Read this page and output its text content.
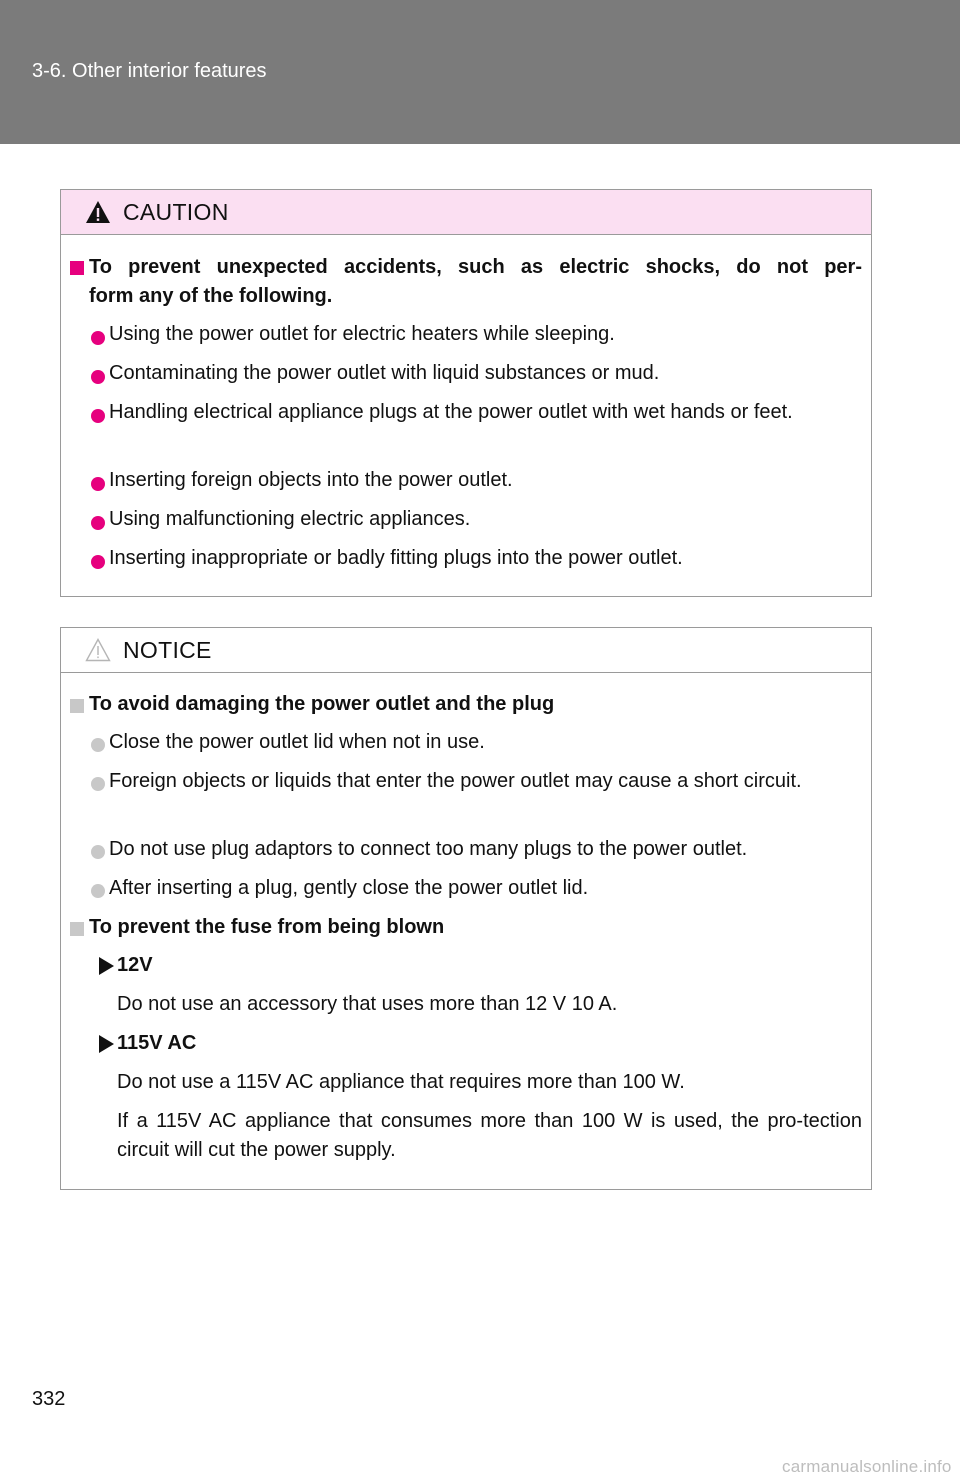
3-6. Other interior features
CAUTION
To prevent unexpected accidents, such as electric shocks, do not per-
form any of the following.
Using the power outlet for electric heaters while sleeping.
Contaminating the power outlet with liquid substances or mud.
Handling electrical appliance plugs at the power outlet with wet hands or feet.
Inserting foreign objects into the power outlet.
Using malfunctioning electric appliances.
Inserting inappropriate or badly fitting plugs into the power outlet.
NOTICE
To avoid damaging the power outlet and the plug
Close the power outlet lid when not in use.
Foreign objects or liquids that enter the power outlet may cause a short circuit.
Do not use plug adaptors to connect too many plugs to the power outlet.
After inserting a plug, gently close the power outlet lid.
To prevent the fuse from being blown
12V
Do not use an accessory that uses more than 12 V 10 A.
115V AC
Do not use a 115V AC appliance that requires more than 100 W.
If a 115V AC appliance that consumes more than 100 W is used, the pro-tection circuit will cut the power supply.
332
carmanualsonline.info
